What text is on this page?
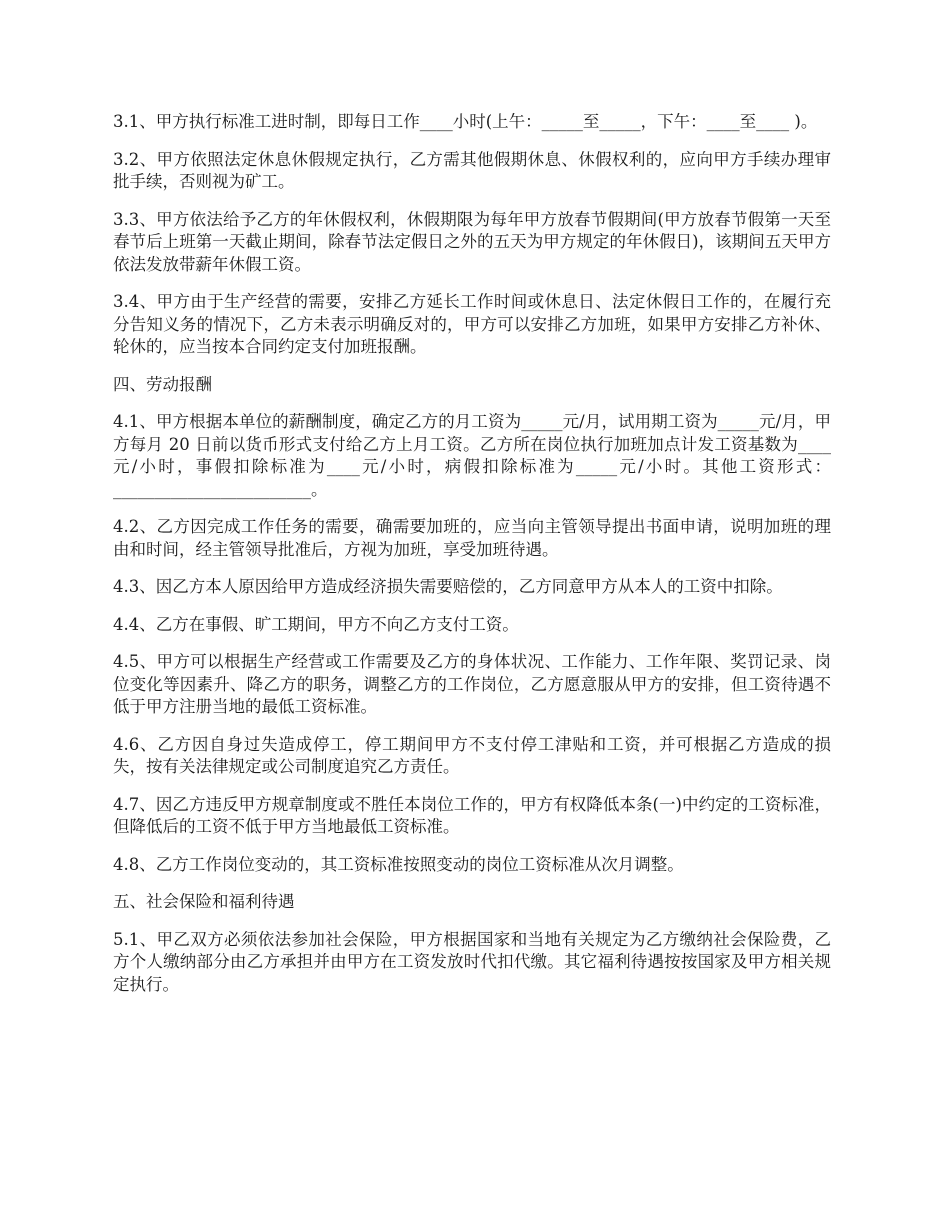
3.1、甲方执行标准工进时制，即每日工作____小时(上午：_____至_____，下午：____至____ )。

3.2、甲方依照法定休息休假规定执行，乙方需其他假期休息、休假权利的，应向甲方手续办理审批手续，否则视为矿工。

3.3、甲方依法给予乙方的年休假权利，休假期限为每年甲方放春节假期间(甲方放春节假第一天至春节后上班第一天截止期间，除春节法定假日之外的五天为甲方规定的年休假日)，该期间五天甲方依法发放带薪年休假工资。

3.4、甲方由于生产经营的需要，安排乙方延长工作时间或休息日、法定休假日工作的，在履行充分告知义务的情况下，乙方未表示明确反对的，甲方可以安排乙方加班，如果甲方安排乙方补休、轮休的，应当按本合同约定支付加班报酬。

四、劳动报酬

4.1、甲方根据本单位的薪酬制度，确定乙方的月工资为_____元/月，试用期工资为_____元/月，甲方每月 20 日前以货币形式支付给乙方上月工资。乙方所在岗位执行加班加点计发工资基数为____元/小时，事假扣除标准为____元/小时，病假扣除标准为_____元/小时。其他工资形式：________________________。

4.2、乙方因完成工作任务的需要，确需要加班的，应当向主管领导提出书面申请，说明加班的理由和时间，经主管领导批准后，方视为加班，享受加班待遇。

4.3、因乙方本人原因给甲方造成经济损失需要赔偿的，乙方同意甲方从本人的工资中扣除。

4.4、乙方在事假、旷工期间，甲方不向乙方支付工资。

4.5、甲方可以根据生产经营或工作需要及乙方的身体状况、工作能力、工作年限、奖罚记录、岗位变化等因素升、降乙方的职务，调整乙方的工作岗位，乙方愿意服从甲方的安排，但工资待遇不低于甲方注册当地的最低工资标准。

4.6、乙方因自身过失造成停工，停工期间甲方不支付停工津贴和工资，并可根据乙方造成的损失，按有关法律规定或公司制度追究乙方责任。

4.7、因乙方违反甲方规章制度或不胜任本岗位工作的，甲方有权降低本条(一)中约定的工资标准，但降低后的工资不低于甲方当地最低工资标准。

4.8、乙方工作岗位变动的，其工资标准按照变动的岗位工资标准从次月调整。

五、社会保险和福利待遇

5.1、甲乙双方必须依法参加社会保险，甲方根据国家和当地有关规定为乙方缴纳社会保险费，乙方个人缴纳部分由乙方承担并由甲方在工资发放时代扣代缴。其它福利待遇按按国家及甲方相关规定执行。
